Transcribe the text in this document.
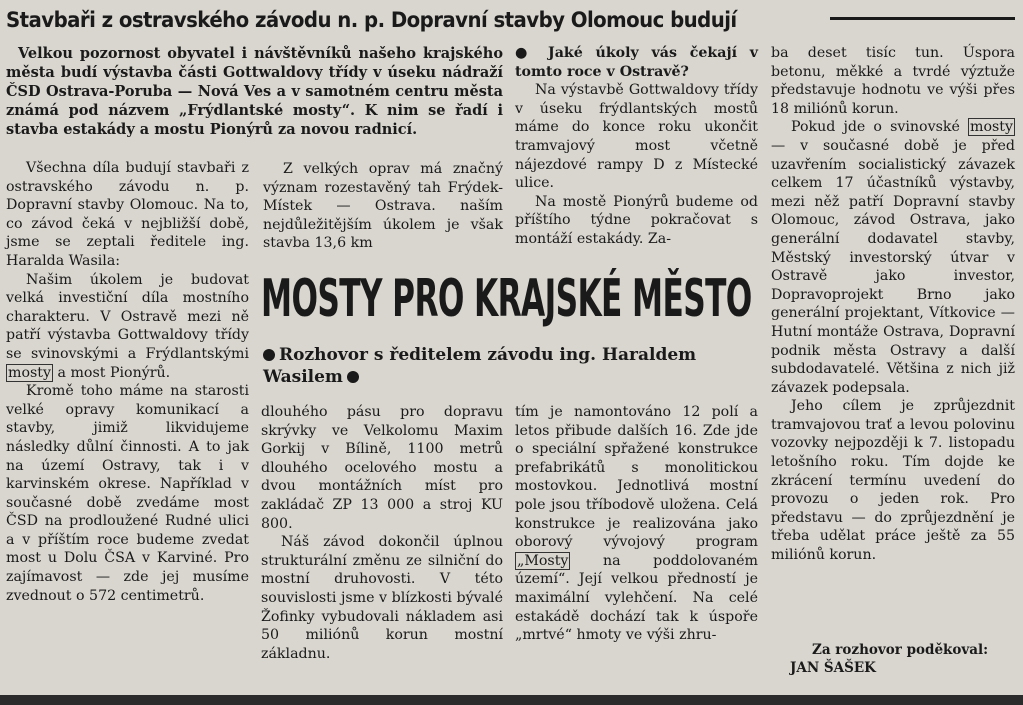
Stavbaři z ostravského závodu n. p. Dopravní stavby Olomouc budují

Velkou pozornost obyvatel i návštěvníků našeho krajského města budí výstavba části Gottwaldovy třídy v úseku nádraží ČSD Ostrava-Poruba — Nová Ves a v samotném centru města známá pod názvem „Frýdlantské mosty“. K nim se řadí i stavba estakády a mostu Pionýrů za novou radnicí.

Všechna díla budují stavbaři z ostravského závodu n. p. Dopravní stavby Olomouc. Na to, co závod čeká v nejbližší době, jsme se zeptali ředitele ing. Haralda Wasila:

Našim úkolem je budovat velká investiční díla mostního charakteru. V Ostravě mezi ně patří výstavba Gottwaldovy třídy se svinovskými a Frýdlantskými mosty a most Pionýrů.

Kromě toho máme na starosti velké opravy komunikací a stavby, jimiž likvidujeme následky důlní činnosti. A to jak na území Ostravy, tak i v karvinském okrese. Například v současné době zvedáme most ČSD na prodloužené Rudné ulici a v příštím roce budeme zvedat most u Dolu ČSA v Karviné. Pro zajímavost — zde jej musíme zvednout o 572 centimetrů.

Z velkých oprav má značný význam rozestavěný tah Frýdek-Místek — Ostrava. naším nejdůležitějším úkolem je však stavba 13,6 km

● Jaké úkoly vás čekají v tomto roce v Ostravě?

Na výstavbě Gottwaldovy třídy v úseku frýdlantských mostů máme do konce roku ukončit tramvajový most včetně nájezdové rampy D z Místecké ulice.

Na mostě Pionýrů budeme od příštího týdne pokračovat s montáží estakády. Za-

MOSTY PRO KRAJSKÉ MĚSTO
Rozhovor s ředitelem závodu ing. Haraldem Wasilem

dlouhého pásu pro dopravu skrývky ve Velkolomu Maxim Gorkij v Bílině, 1100 metrů dlouhého ocelového mostu a dvou montážních míst pro zakládač ZP 13 000 a stroj KU 800.

Náš závod dokončil úplnou strukturální změnu ze silniční do mostní druhovosti. V této souvislosti jsme v blízkosti bývalé Žofinky vybudovali nákladem asi 50 miliónů korun mostní základnu.

tím je namontováno 12 polí a letos přibude dalších 16. Zde jde o speciální spřažené konstrukce prefabrikátů s monolitickou mostovkou. Jednotlivá mostní pole jsou tříbodově uložena. Celá konstrukce je realizována jako oborový vývojový program „Mosty na poddolovaném území“. Její velkou předností je maximální vylehčení. Na celé estakádě dochází tak k úspoře „mrtvé“ hmoty ve výši zhru-

ba deset tisíc tun. Úspora betonu, měkké a tvrdé výztuže představuje hodnotu ve výši přes 18 miliónů korun.

Pokud jde o svinovské mosty — v současné době je před uzavřením socialistický závazek celkem 17 účastníků výstavby, mezi něž patří Dopravní stavby Olomouc, závod Ostrava, jako generální dodavatel stavby, Městský investorský útvar v Ostravě jako investor, Dopravoprojekt Brno jako generální projektant, Vítkovice — Hutní montáže Ostrava, Dopravní podnik města Ostravy a další subdodavatelé. Většina z nich již závazek podepsala.

Jeho cílem je zprůjezdnit tramvajovou trať a levou polovinu vozovky nejpozději k 7. listopadu letošního roku. Tím dojde ke zkrácení termínu uvedení do provozu o jeden rok. Pro představu — do zprůjezdnění je třeba udělat práce ještě za 55 miliónů korun.

Za rozhovor poděkoval:
JAN ŠAŠEK
